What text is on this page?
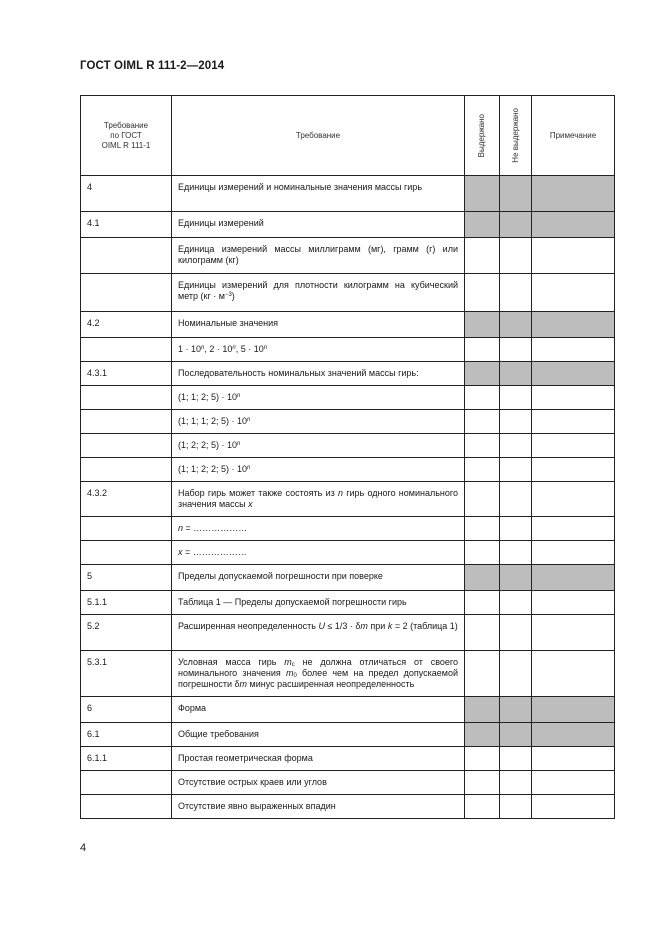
ГОСТ OIML R 111-2—2014
Требование
по ГОСТ
OIML R 111-1	Требование	Выдержано	Не выдержано	Примечание
4	Единицы измерений и номинальные значения массы гирь			
4.1	Единицы измерений			
	Единица измерений массы миллиграмм (мг), грамм (г) или килограмм (кг)			
	Единицы измерений для плотности килограмм на кубический метр $(кг \cdot м^{-3})$			
4.2	Номинальные значения			
	$1 \cdot 10^n$, $2 \cdot 10^n$, $5 \cdot 10^n$			
4.3.1	Последовательность номинальных значений массы гирь:			
	(1; 1; 2; $5) \cdot 10^n$			
	(1; 1; 1; 2; $5) \cdot 10^n$			
	(1; 2; 2; $5) \cdot 10^n$			
	(1; 1; 2; 2; $5) \cdot 10^n$			
4.3.2	Набор гирь может также состоять из n гирь одного номинального значения массы x			
	n = ………………			
	x = ………………			
5	Пределы допускаемой погрешности при поверке			
5.1.1	Таблица 1 — Пределы допускаемой погрешности гирь			
5.2	Расширенная неопределенность U ≤ 1/3 · δm при k = 2 (таблица 1)			
5.3.1	Условная масса гирь $m_c$ не должна отличаться от своего номинального значения $m_0$ более чем на предел допускаемой погрешности δm минус расширенная неопределенность			
6	Форма			
6.1	Общие требования			
6.1.1	Простая геометрическая форма			
	Отсутствие острых краев или углов			
	Отсутствие явно выраженных впадин			
4
